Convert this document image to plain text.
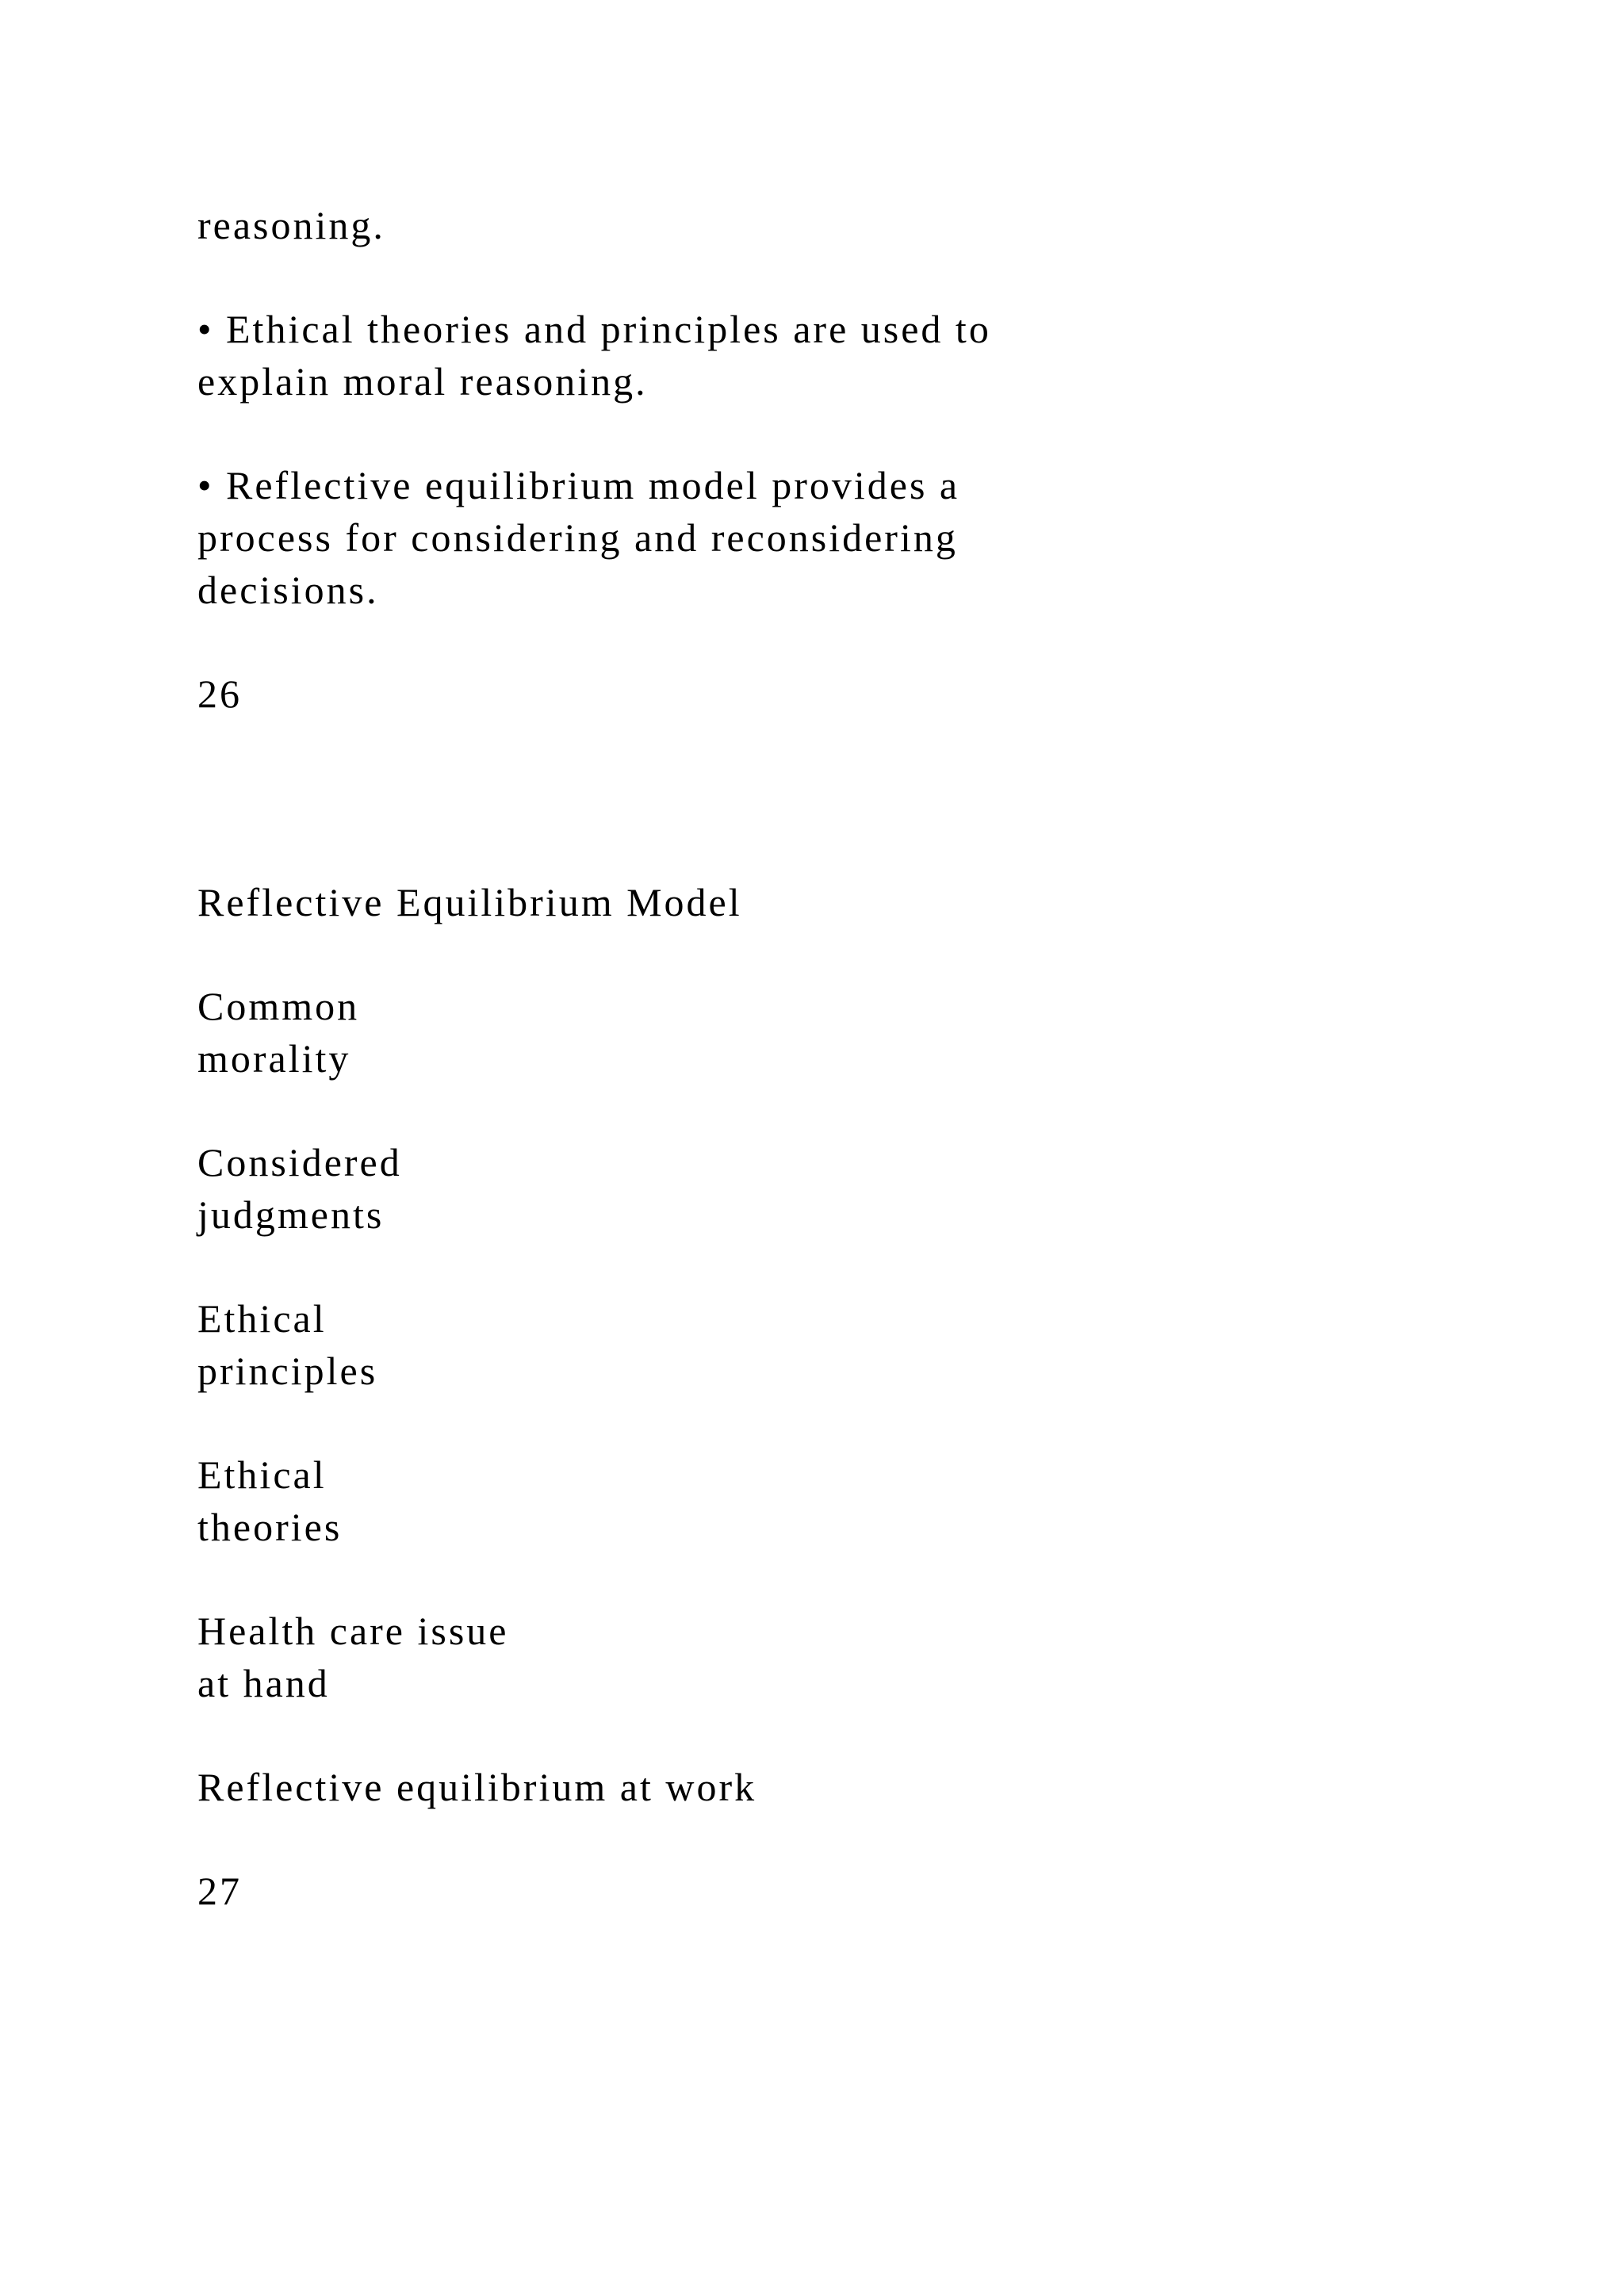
reasoning.

• Ethical theories and principles are used to

explain moral reasoning.

• Reflective equilibrium model provides a

process for considering and reconsidering

decisions.

26

Reflective Equilibrium Model

Common

morality

Considered

judgments

Ethical

principles

Ethical

theories

Health care issue

at hand

Reflective equilibrium at work

27
